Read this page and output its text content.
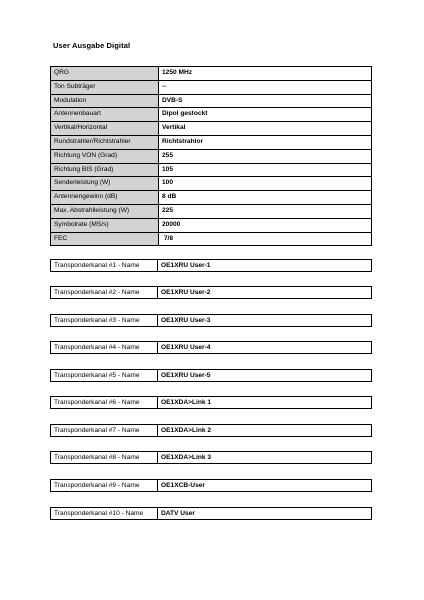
User Ausgabe Digital
QRG	1250 MHz
Ton Subträger	--
Modulation	DVB-S
Antennenbauart	Dipol gestockt
Vertikal/Horizontal	Vertikal
Rundstrahler/Richtstrahler	Richtstrahlor
Richtung VON (Grad)	255
Richtung BIS (Grad)	105
Senderleistung (W)	100
Antennengewinn (dB)	8 dB
Max. Abstrahlleistung (W)	225
Symbolrate (MS/s)	20000
FEC	7/8
Transponderkanal #1 - Name	OE1XRU User-1
Transponderkanal #2 - Name	OE1XRU User-2
Transponderkanal #3 - Name	OE1XRU User-3
Transponderkanal #4 - Name	OE1XRU User-4
Transponderkanal #5 - Name	OE1XRU User-5
Transponderkanal #6 - Name	OE1XDA>Link 1
Transponderkanal #7 - Name	OE1XDA>Link 2
Transponderkanal #8 - Name	OE1XDA>Link 3
Transponderkanal #9 - Name	OE1XCB-User
Transponderkanal #10 - Name	DATV User
